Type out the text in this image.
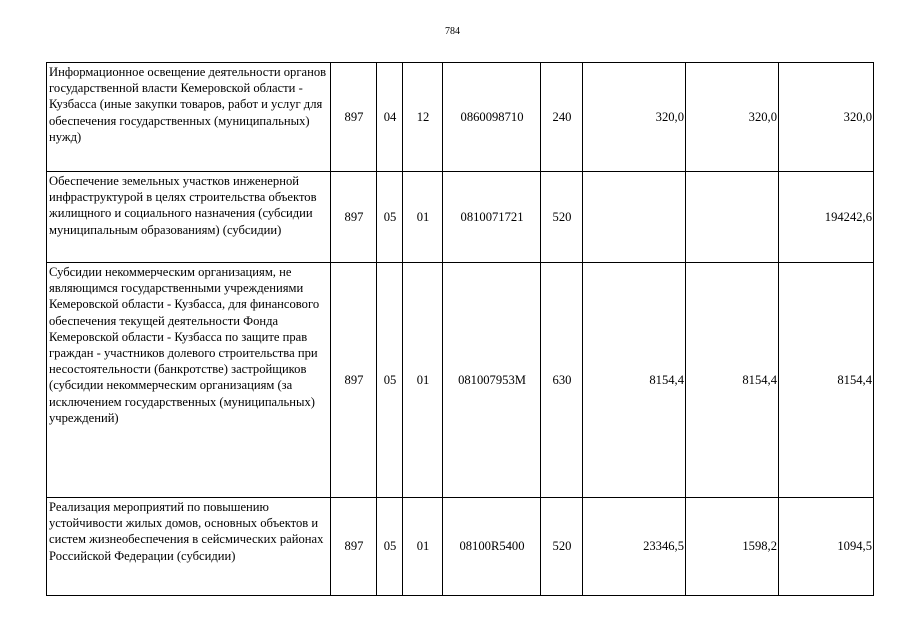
784
Информационное освещение деятельности органов государственной власти Кемеровской области - Кузбасса (иные закупки товаров, работ и услуг для обеспечения государственных (муниципальных) нужд)	897	04	12	0860098710	240	320,0	320,0	320,0
Обеспечение земельных участков инженерной инфраструктурой в целях строительства объектов жилищного и социального назначения (субсидии муниципальным образованиям) (субсидии)	897	05	01	0810071721	520			194242,6
Субсидии некоммерческим организациям, не являющимся государственными учреждениями Кемеровской области - Кузбасса, для финансового обеспечения текущей деятельности Фонда Кемеровской области - Кузбасса по защите прав граждан - участников долевого строительства при несостоятельности (банкротстве) застройщиков (субсидии некоммерческим организациям (за исключением государственных (муниципальных) учреждений)	897	05	01	081007953M	630	8154,4	8154,4	8154,4
Реализация мероприятий по повышению устойчивости жилых домов, основных объектов и систем жизнеобеспечения в сейсмических районах Российской Федерации (субсидии)	897	05	01	08100R5400	520	23346,5	1598,2	1094,5
